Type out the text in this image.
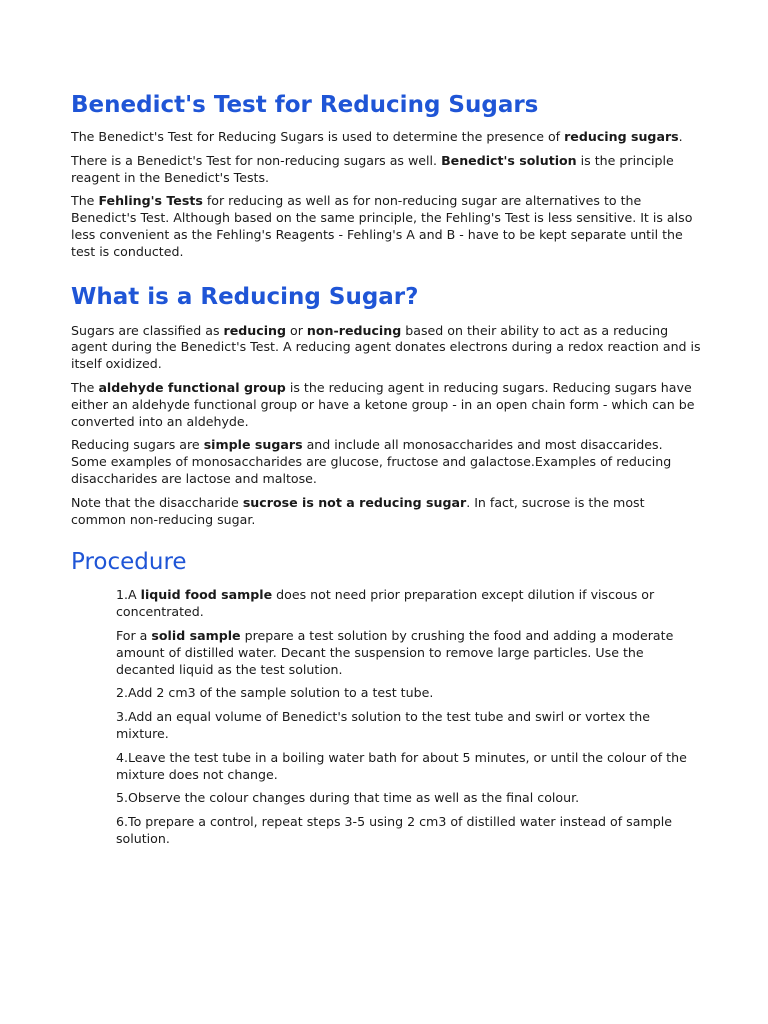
Benedict's Test for Reducing Sugars

The Benedict's Test for Reducing Sugars is used to determine the presence of reducing sugars.

There is a Benedict's Test for non-reducing sugars as well. Benedict's solution is the principle reagent in the Benedict's Tests.

The Fehling's Tests for reducing as well as for non-reducing sugar are alternatives to the Benedict's Test. Although based on the same principle, the Fehling's Test is less sensitive. It is also less convenient as the Fehling's Reagents - Fehling's A and B - have to be kept separate until the test is conducted.

What is a Reducing Sugar?

Sugars are classified as reducing or non-reducing based on their ability to act as a reducing agent during the Benedict's Test. A reducing agent donates electrons during a redox reaction and is itself oxidized.

The aldehyde functional group is the reducing agent in reducing sugars. Reducing sugars have either an aldehyde functional group or have a ketone group - in an open chain form - which can be converted into an aldehyde.

Reducing sugars are simple sugars and include all monosaccharides and most disaccarides. Some examples of monosaccharides are glucose, fructose and galactose.Examples of reducing disaccharides are lactose and maltose.

Note that the disaccharide sucrose is not a reducing sugar. In fact, sucrose is the most common non-reducing sugar.

Procedure

1.A liquid food sample does not need prior preparation except dilution if viscous or concentrated.

For a solid sample prepare a test solution by crushing the food and adding a moderate amount of distilled water. Decant the suspension to remove large particles. Use the decanted liquid as the test solution.

2.Add 2 cm3 of the sample solution to a test tube.

3.Add an equal volume of Benedict's solution to the test tube and swirl or vortex the mixture.

4.Leave the test tube in a boiling water bath for about 5 minutes, or until the colour of the mixture does not change.

5.Observe the colour changes during that time as well as the final colour.

6.To prepare a control, repeat steps 3-5 using 2 cm3 of distilled water instead of sample solution.
